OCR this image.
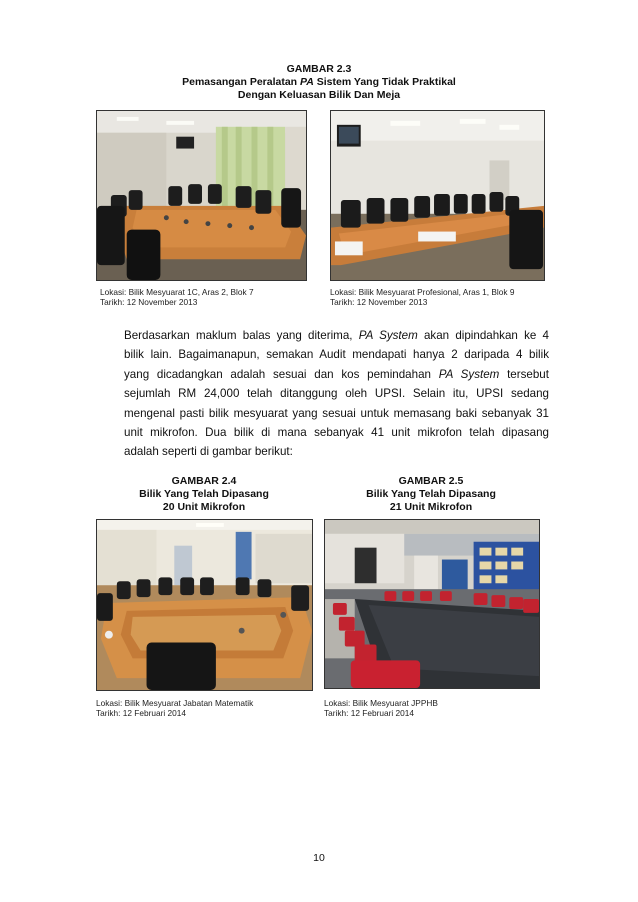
GAMBAR 2.3
Pemasangan Peralatan PA Sistem Yang Tidak Praktikal
Dengan Keluasan Bilik Dan Meja
Lokasi: Bilik Mesyuarat 1C, Aras 2, Blok 7
Tarikh: 12 November 2013
Lokasi: Bilik Mesyuarat Profesional, Aras 1, Blok 9
Tarikh: 12 November 2013
Berdasarkan maklum balas yang diterima, PA System akan dipindahkan ke 4
bilik lain. Bagaimanapun, semakan Audit mendapati hanya 2 daripada 4 bilik
yang dicadangkan adalah sesuai dan kos pemindahan PA System tersebut
sejumlah RM 24,000 telah ditanggung oleh UPSI. Selain itu, UPSI sedang
mengenal pasti bilik mesyuarat yang sesuai untuk memasang baki sebanyak 31
unit mikrofon. Dua bilik di mana sebanyak 41 unit mikrofon telah dipasang
adalah seperti di gambar berikut:
GAMBAR 2.4
Bilik Yang Telah Dipasang
20 Unit Mikrofon
GAMBAR 2.5
Bilik Yang Telah Dipasang
21 Unit Mikrofon
Lokasi: Bilik Mesyuarat Jabatan Matematik
Tarikh: 12 Februari 2014
Lokasi: Bilik Mesyuarat JPPHB
Tarikh: 12 Februari 2014
10
